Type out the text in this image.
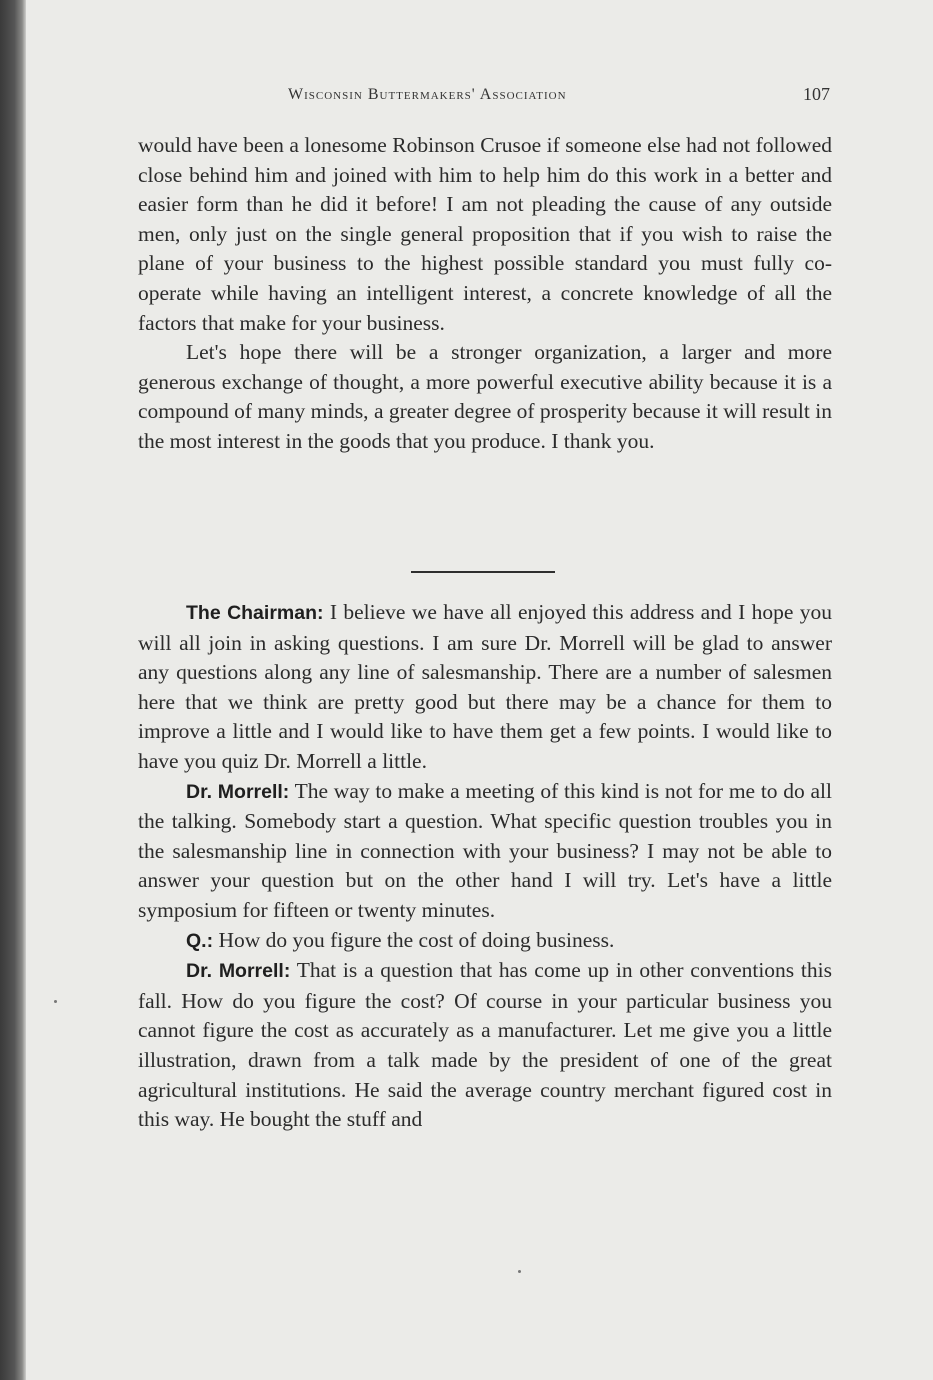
Wisconsin Buttermakers' Association	107

would have been a lonesome Robinson Crusoe if someone else had not followed close behind him and joined with him to help him do this work in a better and easier form than he did it before! I am not pleading the cause of any outside men, only just on the single general proposition that if you wish to raise the plane of your business to the highest possible standard you must fully co-operate while having an intelligent interest, a concrete knowledge of all the factors that make for your business.

Let's hope there will be a stronger organization, a larger and more generous exchange of thought, a more powerful executive ability because it is a compound of many minds, a greater degree of prosperity because it will result in the most interest in the goods that you produce. I thank you.

The Chairman: I believe we have all enjoyed this address and I hope you will all join in asking questions. I am sure Dr. Morrell will be glad to answer any questions along any line of salesmanship. There are a number of salesmen here that we think are pretty good but there may be a chance for them to improve a little and I would like to have them get a few points. I would like to have you quiz Dr. Morrell a little.

Dr. Morrell: The way to make a meeting of this kind is not for me to do all the talking. Somebody start a question. What specific question troubles you in the salesmanship line in connection with your business? I may not be able to answer your question but on the other hand I will try. Let's have a little symposium for fifteen or twenty minutes.

Q.: How do you figure the cost of doing business.

Dr. Morrell: That is a question that has come up in other conventions this fall. How do you figure the cost? Of course in your particular business you cannot figure the cost as accurately as a manufacturer. Let me give you a little illustration, drawn from a talk made by the president of one of the great agricultural institutions. He said the average country merchant figured cost in this way. He bought the stuff and
